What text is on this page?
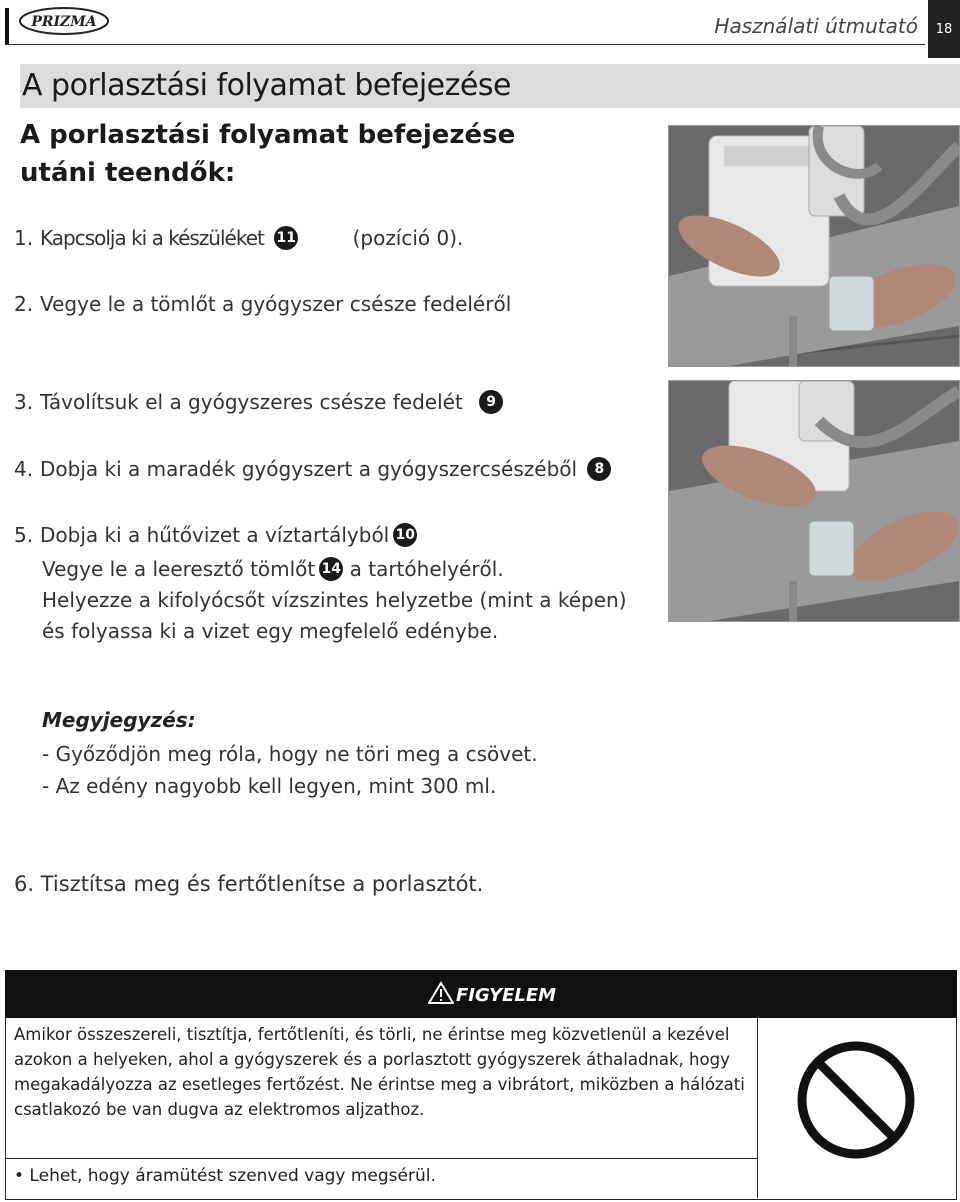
PRIZMA	Használati útmutató	18
A porlasztási folyamat befejezése
A porlasztási folyamat befejezése
utáni teendők:
1. Kapcsolja ki a készüléket 11	(pozíció 0).
2. Vegye le a tömlőt a gyógyszer csésze fedeléről
3. Távolítsuk el a gyógyszeres csésze fedelét 9
4. Dobja ki a maradék gyógyszert a gyógyszercsészéből 8
5. Dobja ki a hűtővizet a víztartályból 10
Vegye le a leeresztő tömlőt 14 a tartóhelyéről.
Helyezze a kifolyócsőt vízszintes helyzetbe (mint a képen)
és folyassa ki a vizet egy megfelelő edénybe.
Megyjegyzés:
- Győződjön meg róla, hogy ne töri meg a csövet.
- Az edény nagyobb kell legyen, mint 300 ml.
6. Tisztítsa meg és fertőtlenítse a porlasztót.
FIGYELEM
Amikor összeszereli, tisztítja, fertőtleníti, és törli, ne érintse meg közvetlenül a kezével azokon a helyeken, ahol a gyógyszerek és a porlasztott gyógyszerek áthaladnak, hogy megakadályozza az esetleges fertőzést. Ne érintse meg a vibrátort, miközben a hálózati csatlakozó be van dugva az elektromos aljzathoz.
• Lehet, hogy áramütést szenved vagy megsérül.
